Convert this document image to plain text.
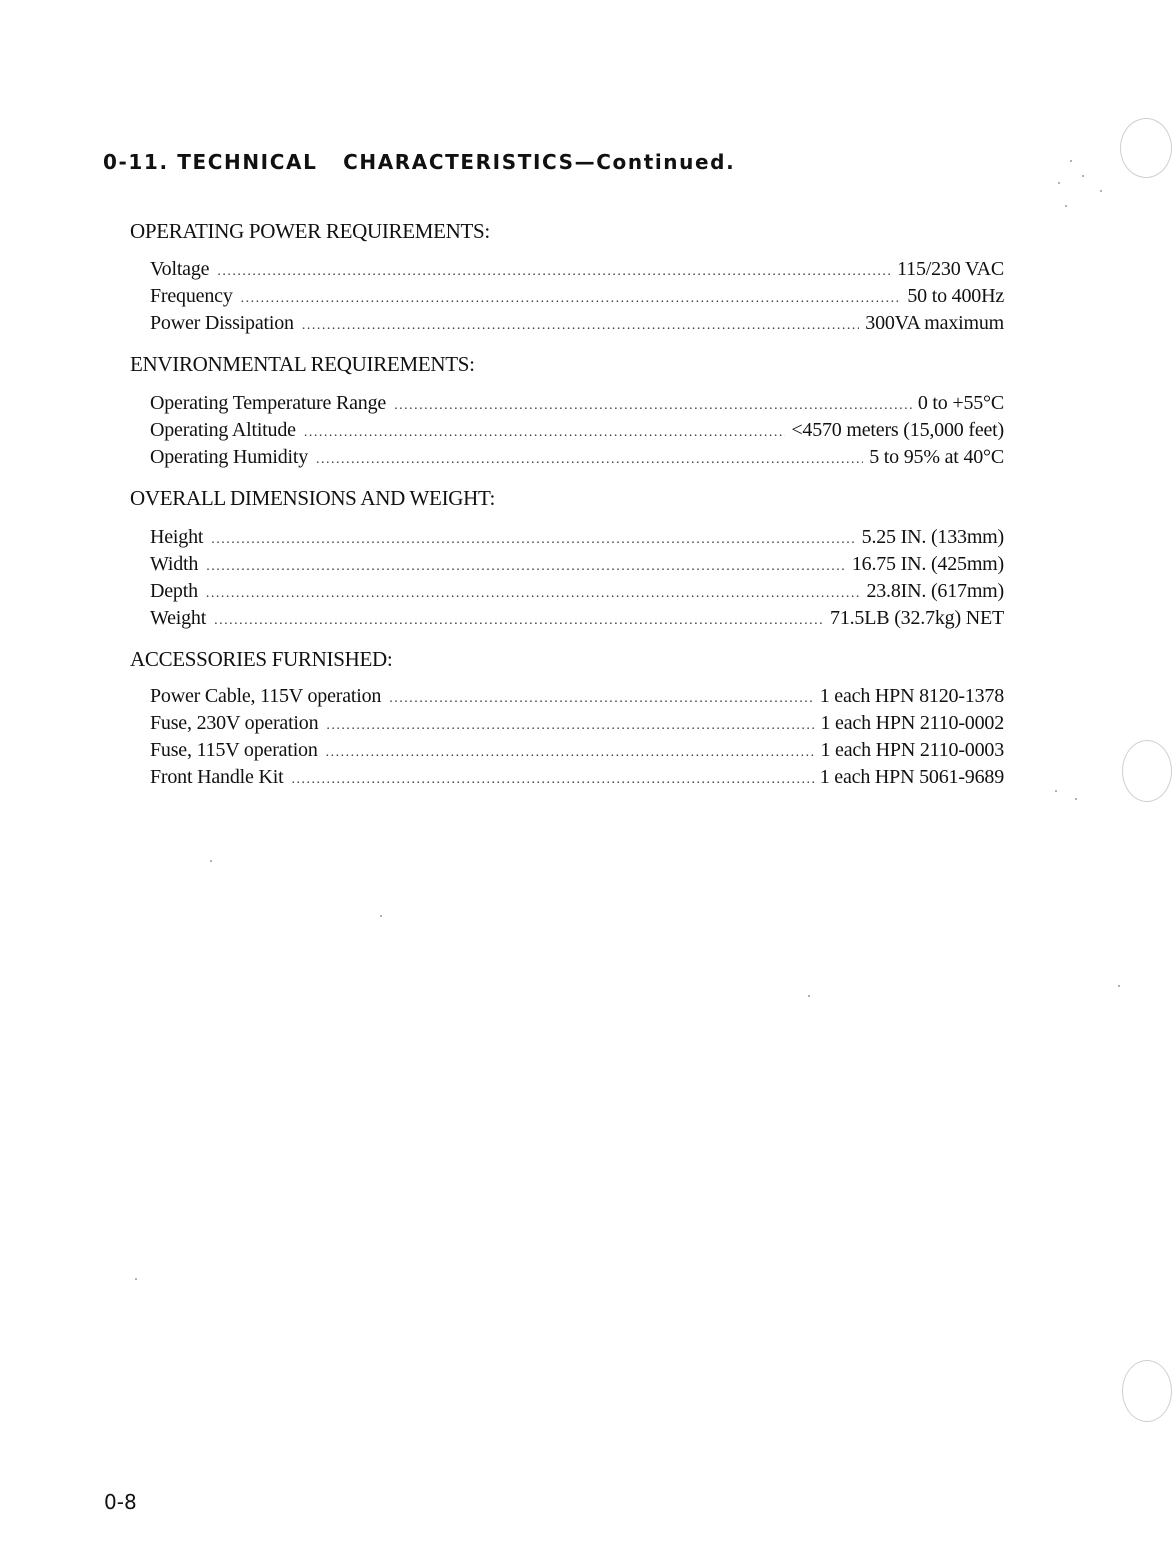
0-11. TECHNICAL   CHARACTERISTICS—Continued.
OPERATING POWER REQUIREMENTS:
Voltage .....	115/230 VAC
Frequency .....	50 to 400Hz
Power Dissipation .....	300VA maximum
ENVIRONMENTAL REQUIREMENTS:
Operating Temperature Range .....	0 to +55°C
Operating Altitude .....	<4570 meters (15,000 feet)
Operating Humidity .....	5 to 95% at 40°C
OVERALL DIMENSIONS AND WEIGHT:
Height .....	5.25 IN. (133mm)
Width .....	16.75 IN. (425mm)
Depth .....	23.8IN. (617mm)
Weight .....	71.5LB (32.7kg) NET
ACCESSORIES FURNISHED:
Power Cable, 115V operation .....	1 each HPN 8120-1378
Fuse, 230V operation .....	1 each HPN 2110-0002
Fuse, 115V operation .....	1 each HPN 2110-0003
Front Handle Kit .....	1 each HPN 5061-9689
0-8
